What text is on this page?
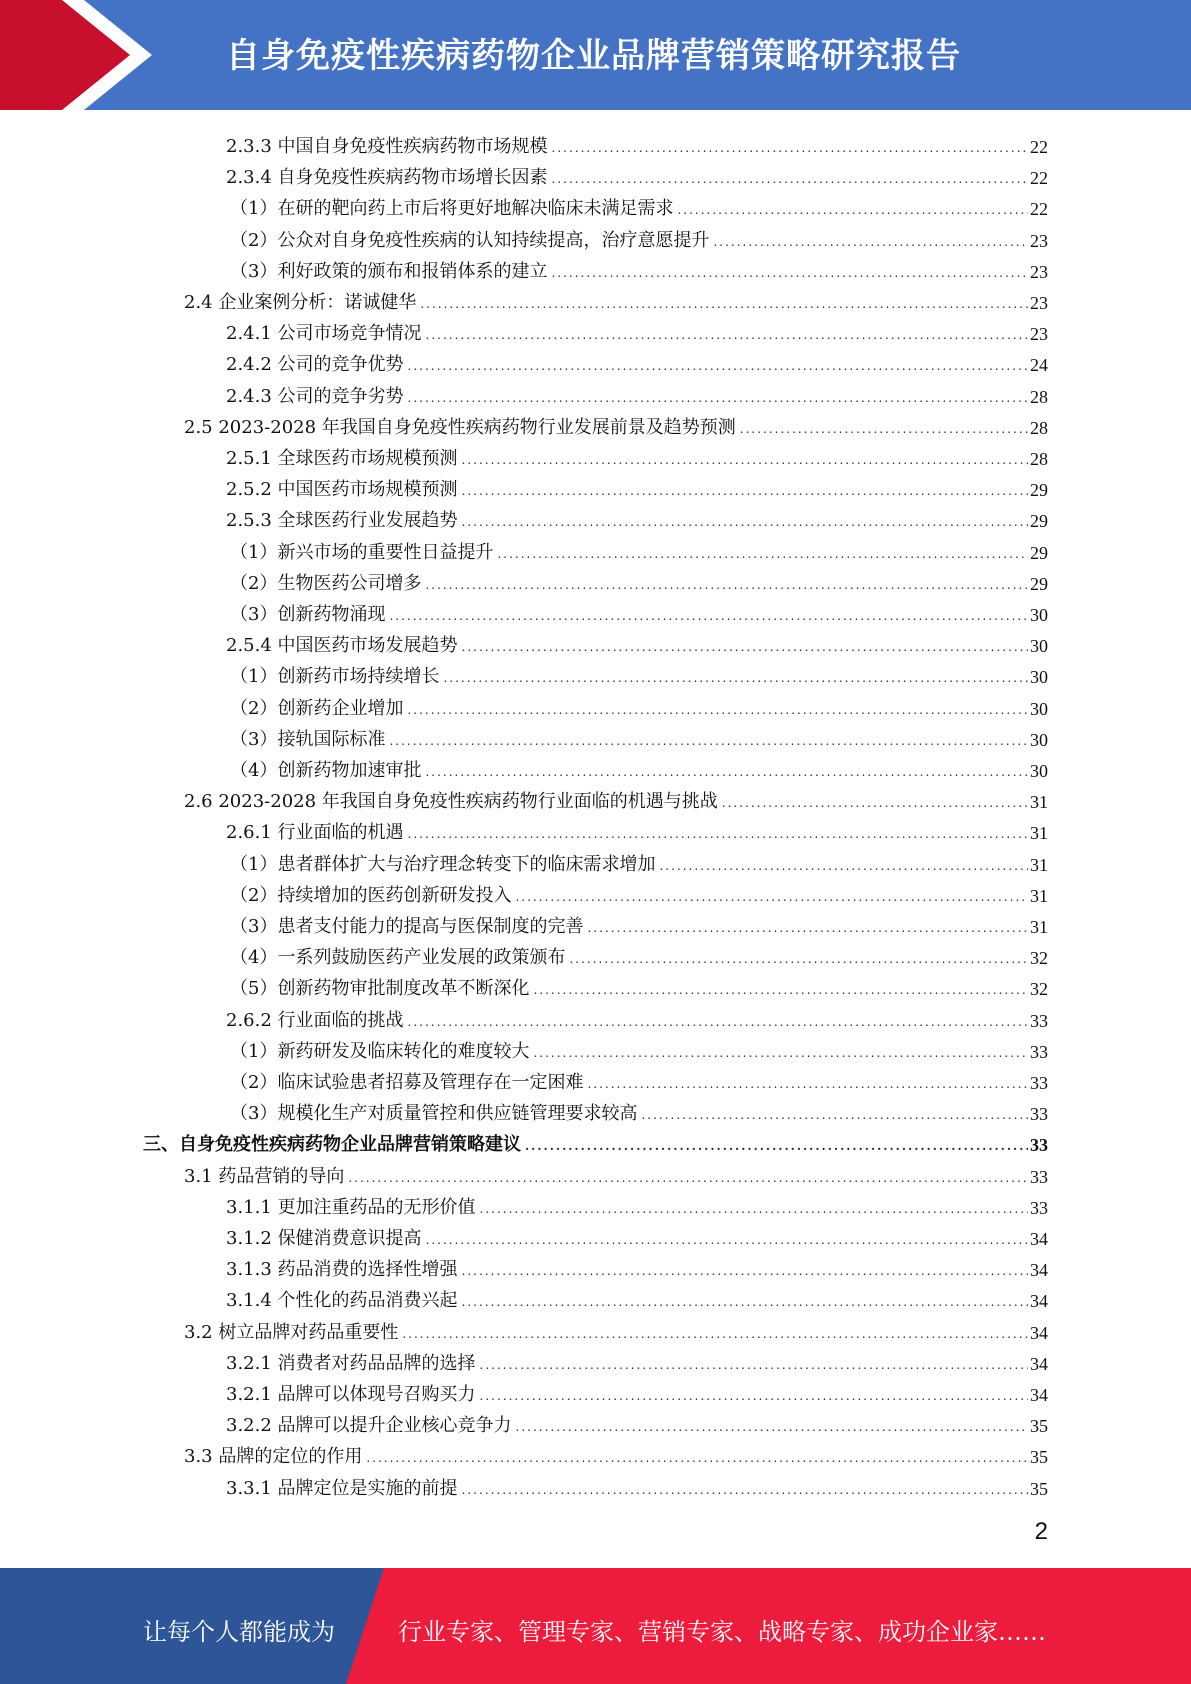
自身免疫性疾病药物企业品牌营销策略研究报告
2.3.3 中国自身免疫性疾病药物市场规模 .....	22
2.3.4 自身免疫性疾病药物市场增长因素 .....	22
（1）在研的靶向药上市后将更好地解决临床未满足需求 .....	22
（2）公众对自身免疫性疾病的认知持续提高，治疗意愿提升 .....	23
（3）利好政策的颁布和报销体系的建立 .....	23
2.4 企业案例分析：诺诚健华 .....	23
2.4.1 公司市场竞争情况 .....	23
2.4.2 公司的竞争优势 .....	24
2.4.3 公司的竞争劣势 .....	28
2.5 2023-2028 年我国自身免疫性疾病药物行业发展前景及趋势预测 .....	28
2.5.1 全球医药市场规模预测 .....	28
2.5.2 中国医药市场规模预测 .....	29
2.5.3 全球医药行业发展趋势 .....	29
（1）新兴市场的重要性日益提升 .....	29
（2）生物医药公司增多 .....	29
（3）创新药物涌现 .....	30
2.5.4 中国医药市场发展趋势 .....	30
（1）创新药市场持续增长 .....	30
（2）创新药企业增加 .....	30
（3）接轨国际标准 .....	30
（4）创新药物加速审批 .....	30
2.6 2023-2028 年我国自身免疫性疾病药物行业面临的机遇与挑战 .....	31
2.6.1 行业面临的机遇 .....	31
（1）患者群体扩大与治疗理念转变下的临床需求增加 .....	31
（2）持续增加的医药创新研发投入 .....	31
（3）患者支付能力的提高与医保制度的完善 .....	31
（4）一系列鼓励医药产业发展的政策颁布 .....	32
（5）创新药物审批制度改革不断深化 .....	32
2.6.2 行业面临的挑战 .....	33
（1）新药研发及临床转化的难度较大 .....	33
（2）临床试验患者招募及管理存在一定困难 .....	33
（3）规模化生产对质量管控和供应链管理要求较高 .....	33
三、自身免疫性疾病药物企业品牌营销策略建议 .....	33
3.1 药品营销的导向 .....	33
3.1.1 更加注重药品的无形价值 .....	33
3.1.2 保健消费意识提高 .....	34
3.1.3 药品消费的选择性增强 .....	34
3.1.4 个性化的药品消费兴起 .....	34
3.2 树立品牌对药品重要性 .....	34
3.2.1 消费者对药品品牌的选择 .....	34
3.2.1 品牌可以体现号召购买力 .....	34
3.2.2 品牌可以提升企业核心竞争力 .....	35
3.3 品牌的定位的作用 .....	35
3.3.1 品牌定位是实施的前提 .....	35
2
让每个人都能成为	行业专家、管理专家、营销专家、战略专家、成功企业家……
